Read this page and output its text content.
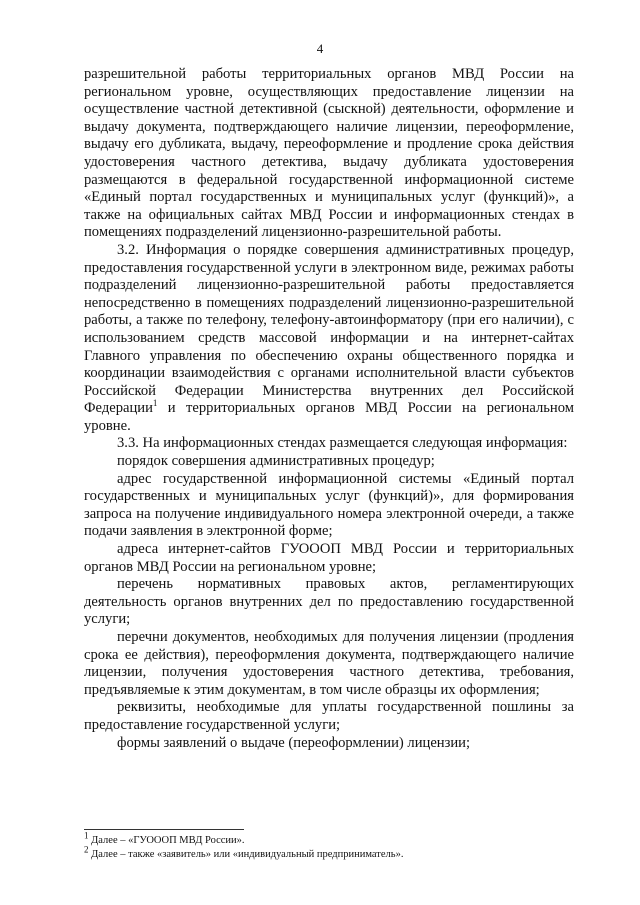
4

разрешительной работы территориальных органов МВД России на региональном уровне, осуществляющих предоставление лицензии на осуществление частной детективной (сыскной) деятельности, оформление и выдачу документа, подтверждающего наличие лицензии, переоформление, выдачу его дубликата, выдачу, переоформление и продление срока действия удостоверения частного детектива, выдачу дубликата удостоверения размещаются в федеральной государственной информационной системе «Единый портал государственных и муниципальных услуг (функций)», а также на официальных сайтах МВД России и информационных стендах в помещениях подразделений лицензионно-разрешительной работы.

3.2. Информация о порядке совершения административных процедур, предоставления государственной услуги в электронном виде, режимах работы подразделений лицензионно-разрешительной работы предоставляется непосредственно в помещениях подразделений лицензионно-разрешительной работы, а также по телефону, телефону-автоинформатору (при его наличии), с использованием средств массовой информации и на интернет-сайтах Главного управления по обеспечению охраны общественного порядка и координации взаимодействия с органами исполнительной власти субъектов Российской Федерации Министерства внутренних дел Российской Федерации$^1$ и территориальных органов МВД России на региональном уровне.

3.3. На информационных стендах размещается следующая информация:

порядок совершения административных процедур;

адрес государственной информационной системы «Единый портал государственных и муниципальных услуг (функций)», для формирования запроса на получение индивидуального номера электронной очереди, а также подачи заявления в электронной форме;

адреса интернет-сайтов ГУОООП МВД России и территориальных органов МВД России на региональном уровне;

перечень нормативных правовых актов, регламентирующих деятельность органов внутренних дел по предоставлению государственной услуги;

перечни документов, необходимых для получения лицензии (продления срока ее действия), переоформления документа, подтверждающего наличие лицензии, получения удостоверения частного детектива, требования, предъявляемые к этим документам, в том числе образцы их оформления;

реквизиты, необходимые для уплаты государственной пошлины за предоставление государственной услуги;

формы заявлений о выдаче (переоформлении) лицензии;

$^1$ Далее – «ГУОООП МВД России».

$^2$ Далее – также «заявитель» или «индивидуальный предприниматель».
